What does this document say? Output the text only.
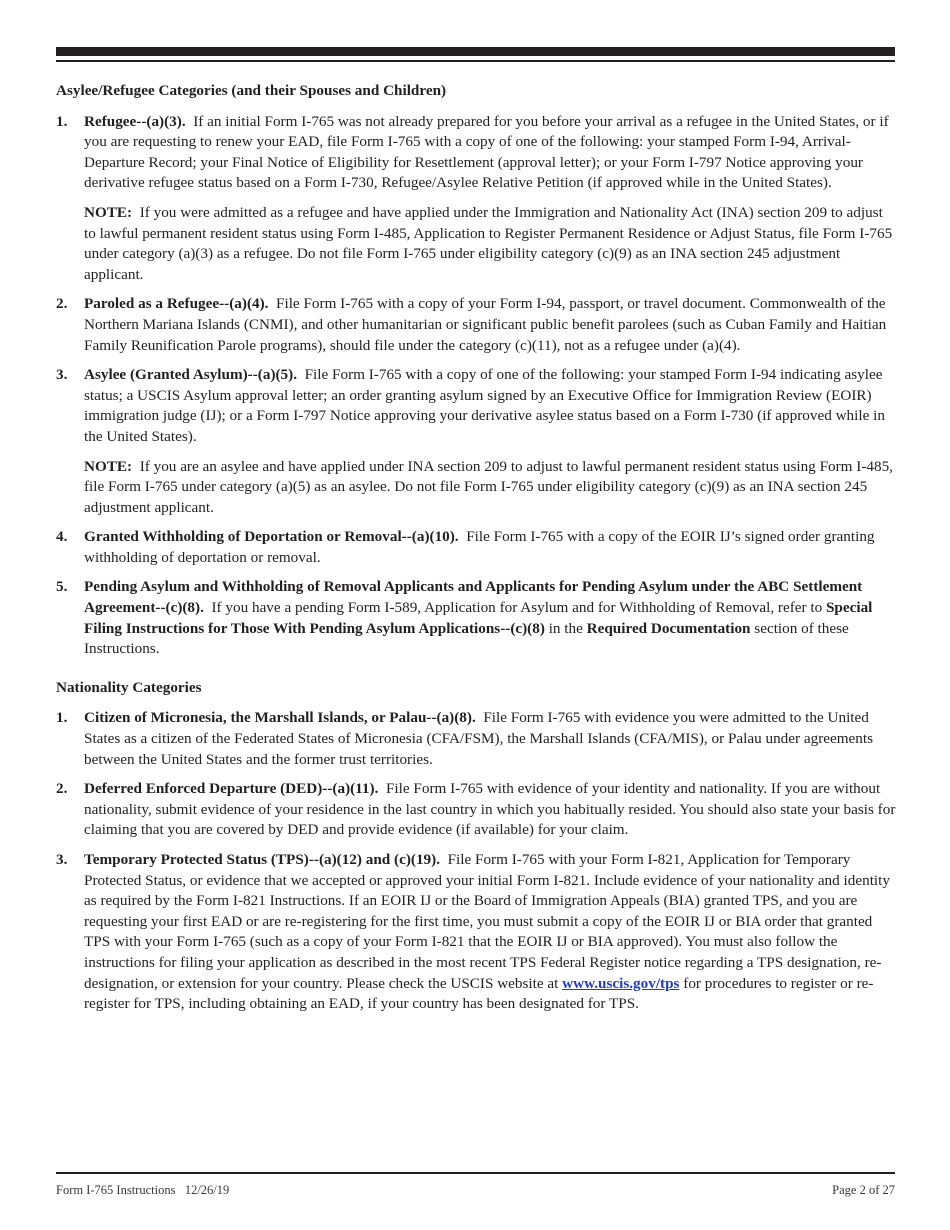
Asylee/Refugee Categories (and their Spouses and Children)
1. Refugee--(a)(3). If an initial Form I-765 was not already prepared for you before your arrival as a refugee in the United States, or if you are requesting to renew your EAD, file Form I-765 with a copy of one of the following: your stamped Form I-94, Arrival-Departure Record; your Final Notice of Eligibility for Resettlement (approval letter); or your Form I-797 Notice approving your derivative refugee status based on a Form I-730, Refugee/Asylee Relative Petition (if approved while in the United States).

NOTE: If you were admitted as a refugee and have applied under the Immigration and Nationality Act (INA) section 209 to adjust to lawful permanent resident status using Form I-485, Application to Register Permanent Residence or Adjust Status, file Form I-765 under category (a)(3) as a refugee. Do not file Form I-765 under eligibility category (c)(9) as an INA section 245 adjustment applicant.

2. Paroled as a Refugee--(a)(4). File Form I-765 with a copy of your Form I-94, passport, or travel document. Commonwealth of the Northern Mariana Islands (CNMI), and other humanitarian or significant public benefit parolees (such as Cuban Family and Haitian Family Reunification Parole programs), should file under the category (c)(11), not as a refugee under (a)(4).

3. Asylee (Granted Asylum)--(a)(5). File Form I-765 with a copy of one of the following: your stamped Form I-94 indicating asylee status; a USCIS Asylum approval letter; an order granting asylum signed by an Executive Office for Immigration Review (EOIR) immigration judge (IJ); or a Form I-797 Notice approving your derivative asylee status based on a Form I-730 (if approved while in the United States).

NOTE: If you are an asylee and have applied under INA section 209 to adjust to lawful permanent resident status using Form I-485, file Form I-765 under category (a)(5) as an asylee. Do not file Form I-765 under eligibility category (c)(9) as an INA section 245 adjustment applicant.

4. Granted Withholding of Deportation or Removal--(a)(10). File Form I-765 with a copy of the EOIR IJ’s signed order granting withholding of deportation or removal.

5. Pending Asylum and Withholding of Removal Applicants and Applicants for Pending Asylum under the ABC Settlement Agreement--(c)(8). If you have a pending Form I-589, Application for Asylum and for Withholding of Removal, refer to Special Filing Instructions for Those With Pending Asylum Applications--(c)(8) in the Required Documentation section of these Instructions.

Nationality Categories
1. Citizen of Micronesia, the Marshall Islands, or Palau--(a)(8). File Form I-765 with evidence you were admitted to the United States as a citizen of the Federated States of Micronesia (CFA/FSM), the Marshall Islands (CFA/MIS), or Palau under agreements between the United States and the former trust territories.

2. Deferred Enforced Departure (DED)--(a)(11). File Form I-765 with evidence of your identity and nationality. If you are without nationality, submit evidence of your residence in the last country in which you habitually resided. You should also state your basis for claiming that you are covered by DED and provide evidence (if available) for your claim.

3. Temporary Protected Status (TPS)--(a)(12) and (c)(19). File Form I-765 with your Form I-821, Application for Temporary Protected Status, or evidence that we accepted or approved your initial Form I-821. Include evidence of your nationality and identity as required by the Form I-821 Instructions. If an EOIR IJ or the Board of Immigration Appeals (BIA) granted TPS, and you are requesting your first EAD or are re-registering for the first time, you must submit a copy of the EOIR IJ or BIA order that granted TPS with your Form I-765 (such as a copy of your Form I-821 that the EOIR IJ or BIA approved). You must also follow the instructions for filing your application as described in the most recent TPS Federal Register notice regarding a TPS designation, re-designation, or extension for your country. Please check the USCIS website at www.uscis.gov/tps for procedures to register or re-register for TPS, including obtaining an EAD, if your country has been designated for TPS.

Form I-765 Instructions 12/26/19	Page 2 of 27
